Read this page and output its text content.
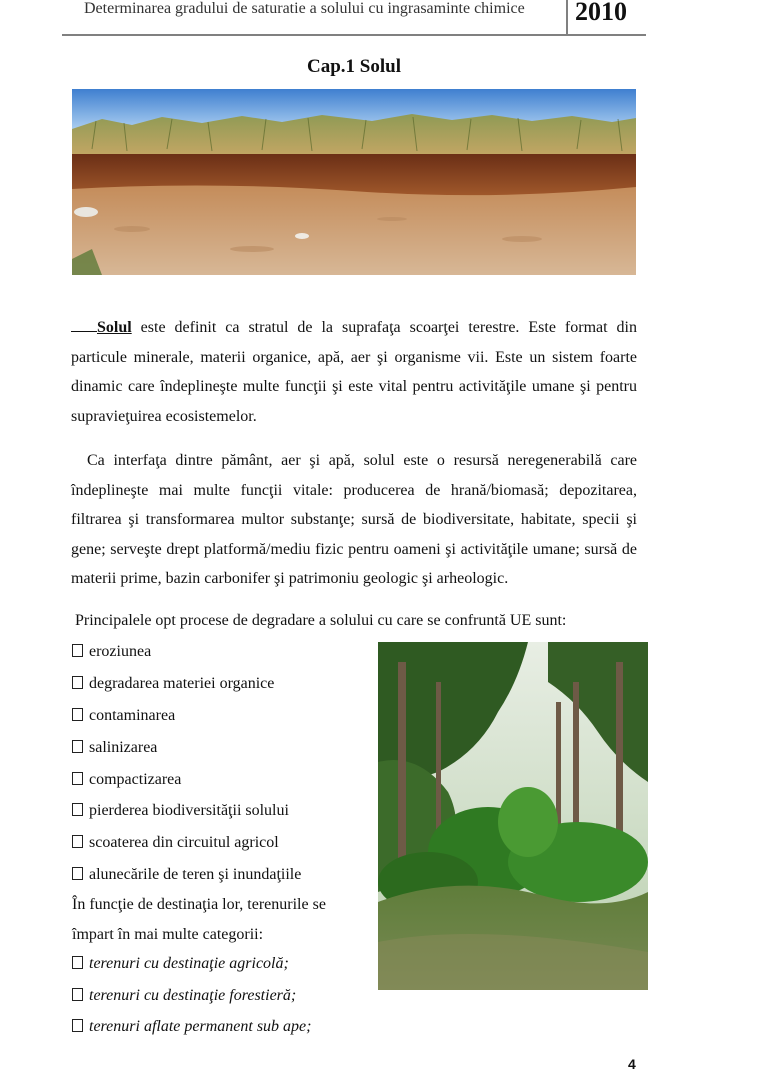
Determinarea gradului de saturatie a solului cu ingrasaminte chimice 2010
Cap.1 Solul

Solul este definit ca stratul de la suprafaţa scoarţei terestre. Este format din particule minerale, materii organice, apă, aer şi organisme vii. Este un sistem foarte dinamic care îndeplineşte multe funcţii şi este vital pentru activităţile umane şi pentru supravieţuirea ecosistemelor.

Ca interfaţa dintre pământ, aer şi apă, solul este o resursă neregenerabilă care îndeplineşte mai multe funcţii vitale: producerea de hrană/biomasă; depozitarea, filtrarea şi transformarea multor substanţe; sursă de biodiversitate, habitate, specii şi gene; serveşte drept platformă/mediu fizic pentru oameni şi activităţile umane; sursă de materii prime, bazin carbonifer şi patrimoniu geologic şi arheologic.

Principalele opt procese de degradare a solului cu care se confruntă UE sunt:
eroziunea
degradarea materiei organice
contaminarea
salinizarea
compactizarea
pierderea biodiversităţii solului
scoaterea din circuitul agricol
alunecările de teren şi inundaţiile
În funcţie de destinaţia lor, terenurile se
împart în mai multe categorii:
terenuri cu destinaţie agricolă;
terenuri cu destinaţie forestieră;
terenuri aflate permanent sub ape;
4
